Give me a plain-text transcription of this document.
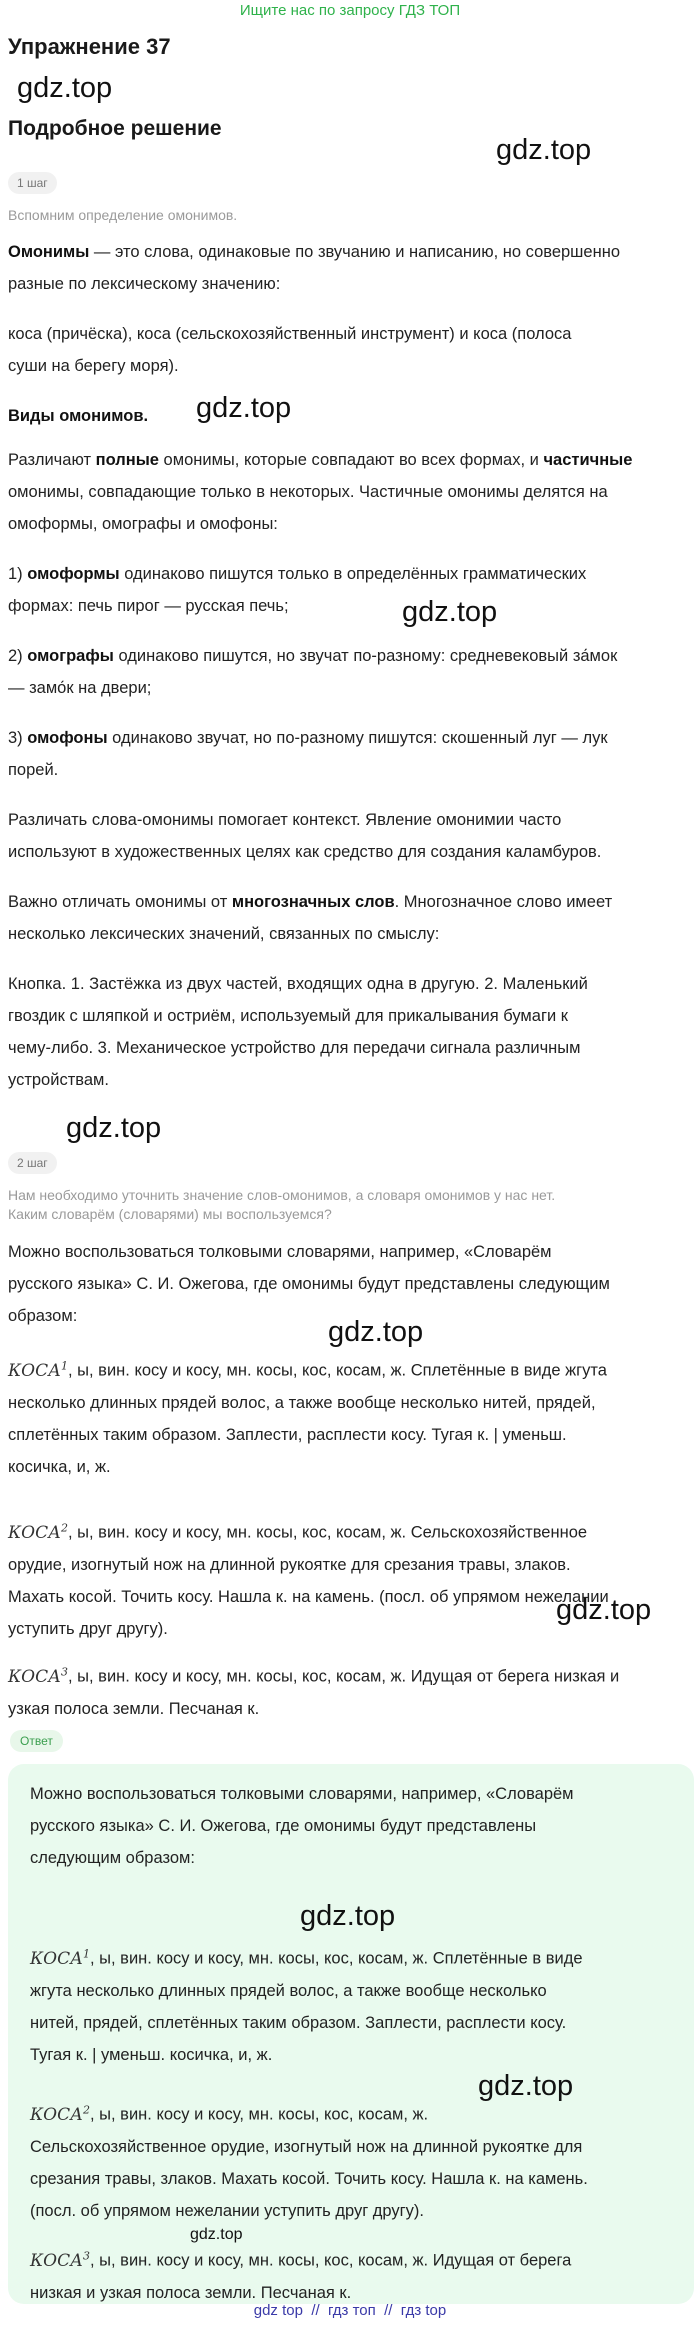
Ищите нас по запросу ГДЗ ТОП
Упражнение 37
gdz.top
Подробное решение
gdz.top
1 шаг
Вспомним определение омонимов.
Омонимы — это слова, одинаковые по звучанию и написанию, но совершенно
разные по лексическому значению:
коса (причёска), коса (сельскохозяйственный инструмент) и коса (полоса
суши на берегу моря).
Виды омонимов.	gdz.top
Различают полные омонимы, которые совпадают во всех формах, и частичные
омонимы, совпадающие только в некоторых. Частичные омонимы делятся на
омоформы, омографы и омофоны:
1) омоформы одинаково пишутся только в определённых грамматических
формах: печь пирог — русская печь;	gdz.top
2) омографы одинаково пишутся, но звучат по-разному: средневековый за́мок
— замо́к на двери;
3) омофоны одинаково звучат, но по-разному пишутся: скошенный луг — лук
порей.
Различать слова-омонимы помогает контекст. Явление омонимии часто
используют в художественных целях как средство для создания каламбуров.
Важно отличать омонимы от многозначных слов. Многозначное слово имеет
несколько лексических значений, связанных по смыслу:
Кнопка. 1. Застёжка из двух частей, входящих одна в другую. 2. Маленький
гвоздик с шляпкой и остриём, используемый для прикалывания бумаги к
чему-либо. 3. Механическое устройство для передачи сигнала различным
устройствам.
gdz.top
2 шаг
Нам необходимо уточнить значение слов-омонимов, а словаря омонимов у нас нет.
Каким словарём (словарями) мы воспользуемся?
Можно воспользоваться толковыми словарями, например, «Словарём
русского языка» С. И. Ожегова, где омонимы будут представлены следующим
образом:	gdz.top
КОСА$^1$, ы, вин. косу и косу, мн. косы, кос, косам, ж. Сплетённые в виде жгута
несколько длинных прядей волос, а также вообще несколько нитей, прядей,
сплетённых таким образом. Заплести, расплести косу. Тугая к. | уменьш.
косичка, и, ж.
КОСА$^2$, ы, вин. косу и косу, мн. косы, кос, косам, ж. Сельскохозяйственное
орудие, изогнутый нож на длинной рукоятке для срезания травы, злаков.
Махать косой. Точить косу. Нашла к. на камень. (посл. об упрямом нежелании
уступить друг другу).
gdz.top
КОСА$^3$, ы, вин. косу и косу, мн. косы, кос, косам, ж. Идущая от берега низкая и
узкая полоса земли. Песчаная к.
Ответ
Можно воспользоваться толковыми словарями, например, «Словарём
русского языка» С. И. Ожегова, где омонимы будут представлены
следующим образом:
gdz.top
КОСА$^1$, ы, вин. косу и косу, мн. косы, кос, косам, ж. Сплетённые в виде
жгута несколько длинных прядей волос, а также вообще несколько
нитей, прядей, сплетённых таким образом. Заплести, расплести косу.
Тугая к. | уменьш. косичка, и, ж.
gdz.top
КОСА$^2$, ы, вин. косу и косу, мн. косы, кос, косам, ж.
Сельскохозяйственное орудие, изогнутый нож на длинной рукоятке для
срезания травы, злаков. Махать косой. Точить косу. Нашла к. на камень.
(посл. об упрямом нежелании уступить друг другу).
gdz.top
КОСА$^3$, ы, вин. косу и косу, мн. косы, кос, косам, ж. Идущая от берега
низкая и узкая полоса земли. Песчаная к.
gdz top // гдз топ // гдз top
